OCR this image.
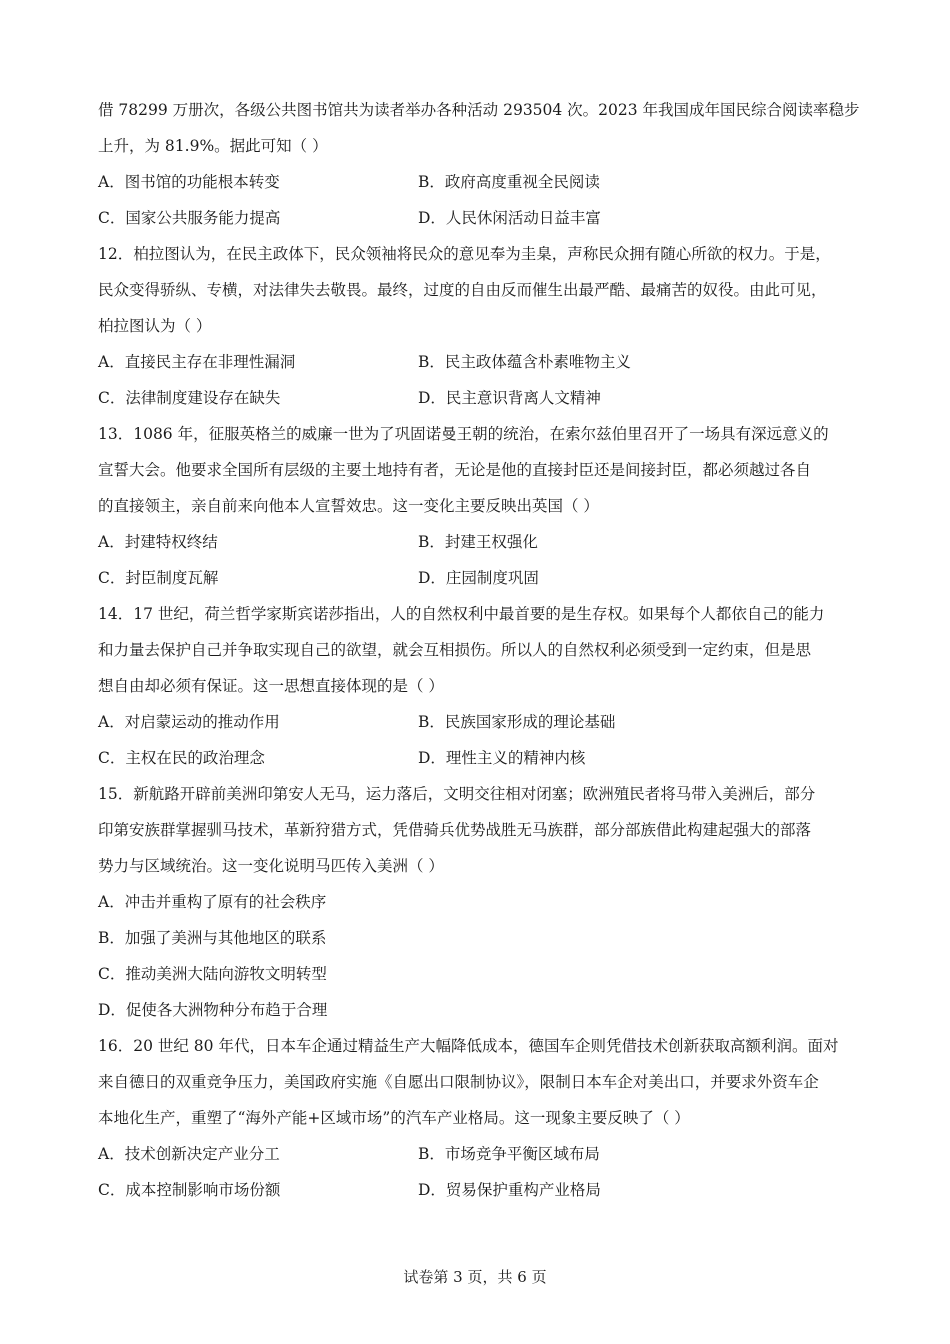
借 78299 万册次，各级公共图书馆共为读者举办各种活动 293504 次。2023 年我国成年国民综合阅读率稳步
上升，为 81.9%。据此可知（ ）
A．图书馆的功能根本转变	B．政府高度重视全民阅读
C．国家公共服务能力提高	D．人民休闲活动日益丰富
12．柏拉图认为，在民主政体下，民众领袖将民众的意见奉为圭臬，声称民众拥有随心所欲的权力。于是，
民众变得骄纵、专横，对法律失去敬畏。最终，过度的自由反而催生出最严酷、最痛苦的奴役。由此可见，
柏拉图认为（ ）
A．直接民主存在非理性漏洞	B．民主政体蕴含朴素唯物主义
C．法律制度建设存在缺失	D．民主意识背离人文精神
13．1086 年，征服英格兰的威廉一世为了巩固诺曼王朝的统治，在索尔兹伯里召开了一场具有深远意义的
宣誓大会。他要求全国所有层级的主要土地持有者，无论是他的直接封臣还是间接封臣，都必须越过各自
的直接领主，亲自前来向他本人宣誓效忠。这一变化主要反映出英国（ ）
A．封建特权终结	B．封建王权强化
C．封臣制度瓦解	D．庄园制度巩固
14．17 世纪，荷兰哲学家斯宾诺莎指出，人的自然权利中最首要的是生存权。如果每个人都依自己的能力
和力量去保护自己并争取实现自己的欲望，就会互相损伤。所以人的自然权利必须受到一定约束，但是思
想自由却必须有保证。这一思想直接体现的是（ ）
A．对启蒙运动的推动作用	B．民族国家形成的理论基础
C．主权在民的政治理念	D．理性主义的精神内核
15．新航路开辟前美洲印第安人无马，运力落后，文明交往相对闭塞；欧洲殖民者将马带入美洲后，部分
印第安族群掌握驯马技术，革新狩猎方式，凭借骑兵优势战胜无马族群，部分部族借此构建起强大的部落
势力与区域统治。这一变化说明马匹传入美洲（ ）
A．冲击并重构了原有的社会秩序
B．加强了美洲与其他地区的联系
C．推动美洲大陆向游牧文明转型
D．促使各大洲物种分布趋于合理
16．20 世纪 80 年代，日本车企通过精益生产大幅降低成本，德国车企则凭借技术创新获取高额利润。面对
来自德日的双重竞争压力，美国政府实施《自愿出口限制协议》，限制日本车企对美出口，并要求外资车企
本地化生产，重塑了“海外产能+区域市场”的汽车产业格局。这一现象主要反映了（ ）
A．技术创新决定产业分工	B．市场竞争平衡区域布局
C．成本控制影响市场份额	D．贸易保护重构产业格局
试卷第 3 页，共 6 页
